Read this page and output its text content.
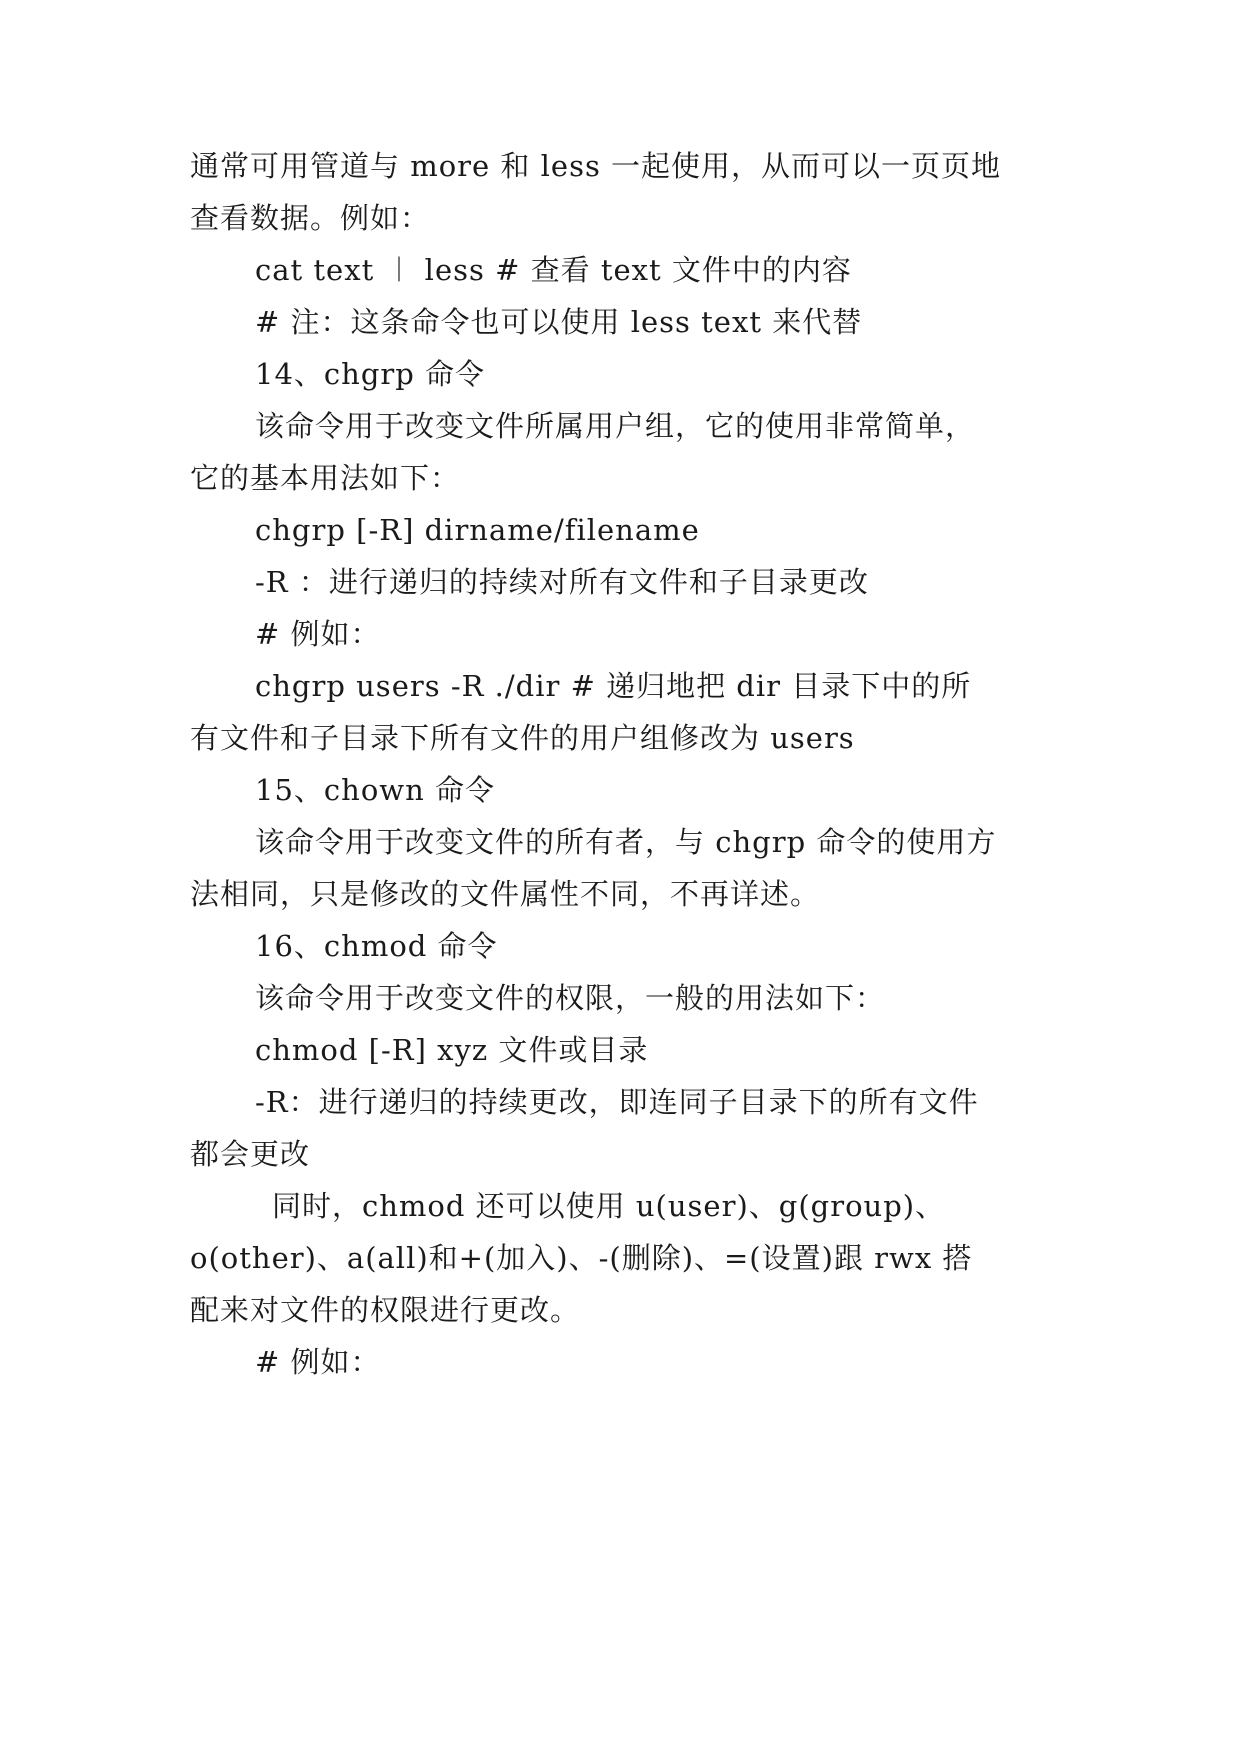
通常可用管道与 more 和 less 一起使用，从而可以一页页地
查看数据。例如：
cat text ︱ less # 查看 text 文件中的内容
# 注：这条命令也可以使用 less text 来代替
14、chgrp 命令
该命令用于改变文件所属用户组，它的使用非常简单，
它的基本用法如下：
chgrp [-R] dirname/filename
-R ：进行递归的持续对所有文件和子目录更改
# 例如：
chgrp users -R ./dir # 递归地把 dir 目录下中的所
有文件和子目录下所有文件的用户组修改为 users
15、chown 命令
该命令用于改变文件的所有者，与 chgrp 命令的使用方
法相同，只是修改的文件属性不同，不再详述。
16、chmod 命令
该命令用于改变文件的权限，一般的用法如下：
chmod [-R] xyz 文件或目录
-R：进行递归的持续更改，即连同子目录下的所有文件
都会更改
同时，chmod 还可以使用 u(user)、g(group)、
o(other)、a(all)和+(加入)、-(删除)、=(设置)跟 rwx 搭
配来对文件的权限进行更改。
# 例如：
